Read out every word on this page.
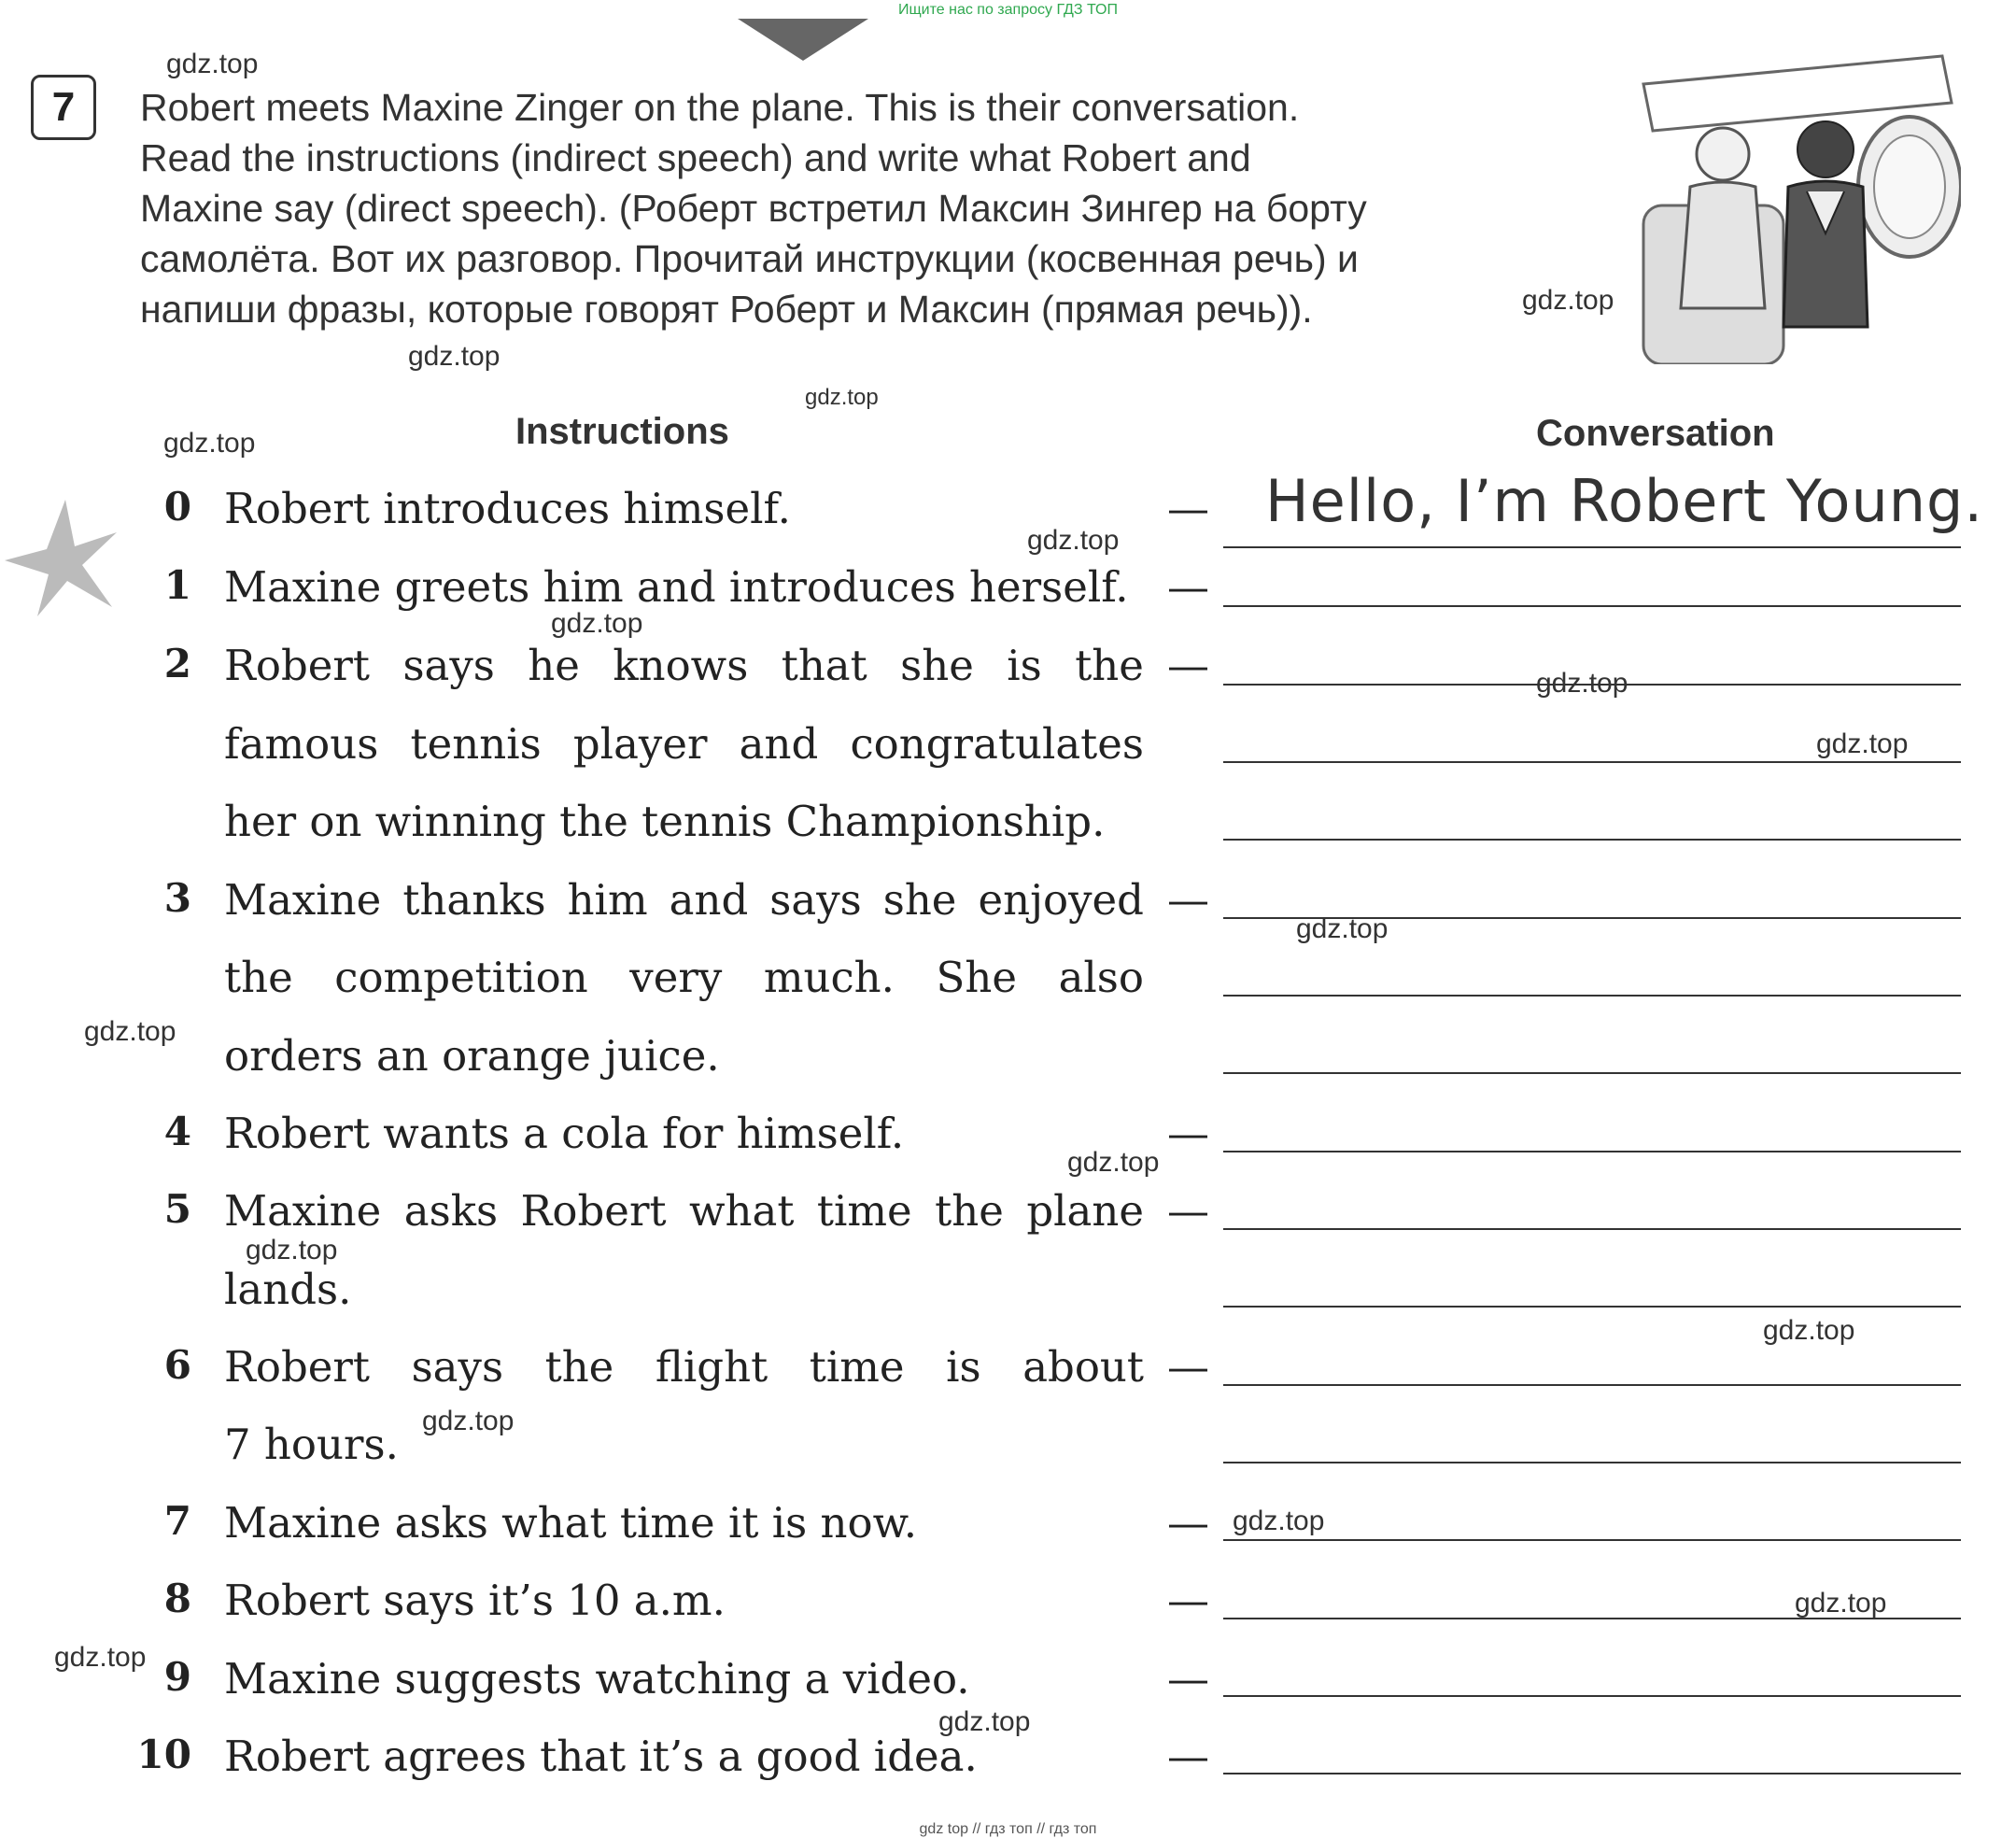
Ищите нас по запросу ГДЗ ТОП
gdz top // гдз топ // гдз топ
7	Robert meets Maxine Zinger on the plane. This is their conversation.
Read the instructions (indirect speech) and write what Robert and
Maxine say (direct speech). (Роберт встретил Максин Зингер на борту
самолёта. Вот их разговор. Прочитай инструкции (косвенная речь) и
напиши фразы, которые говорят Роберт и Максин (прямая речь)).
Instructions	Conversation
0 Robert introduces himself.	— Hello, I’m Robert Young.
1 Maxine greets him and introduces herself. —
2 Robert says he knows that she is the —
famous tennis player and congratulates
her on winning the tennis Championship.
3 Maxine thanks him and says she enjoyed —
the competition very much. She also
orders an orange juice.
4 Robert wants a cola for himself.	—
5 Maxine asks Robert what time the plane —
lands.
6 Robert says the flight time is about —
7 hours.
7 Maxine asks what time it is now.	—
8 Robert says it’s 10 a.m.	—
9 Maxine suggests watching a video.	—
10 Robert agrees that it’s a good idea.	—
gdz.top
gdz.top
gdz.top
gdz.top
gdz.top
gdz.top
gdz.top
gdz.top
gdz.top
gdz.top
gdz.top
gdz.top
gdz.top
gdz.top
gdz.top
gdz.top
gdz.top
gdz.top
gdz.top
